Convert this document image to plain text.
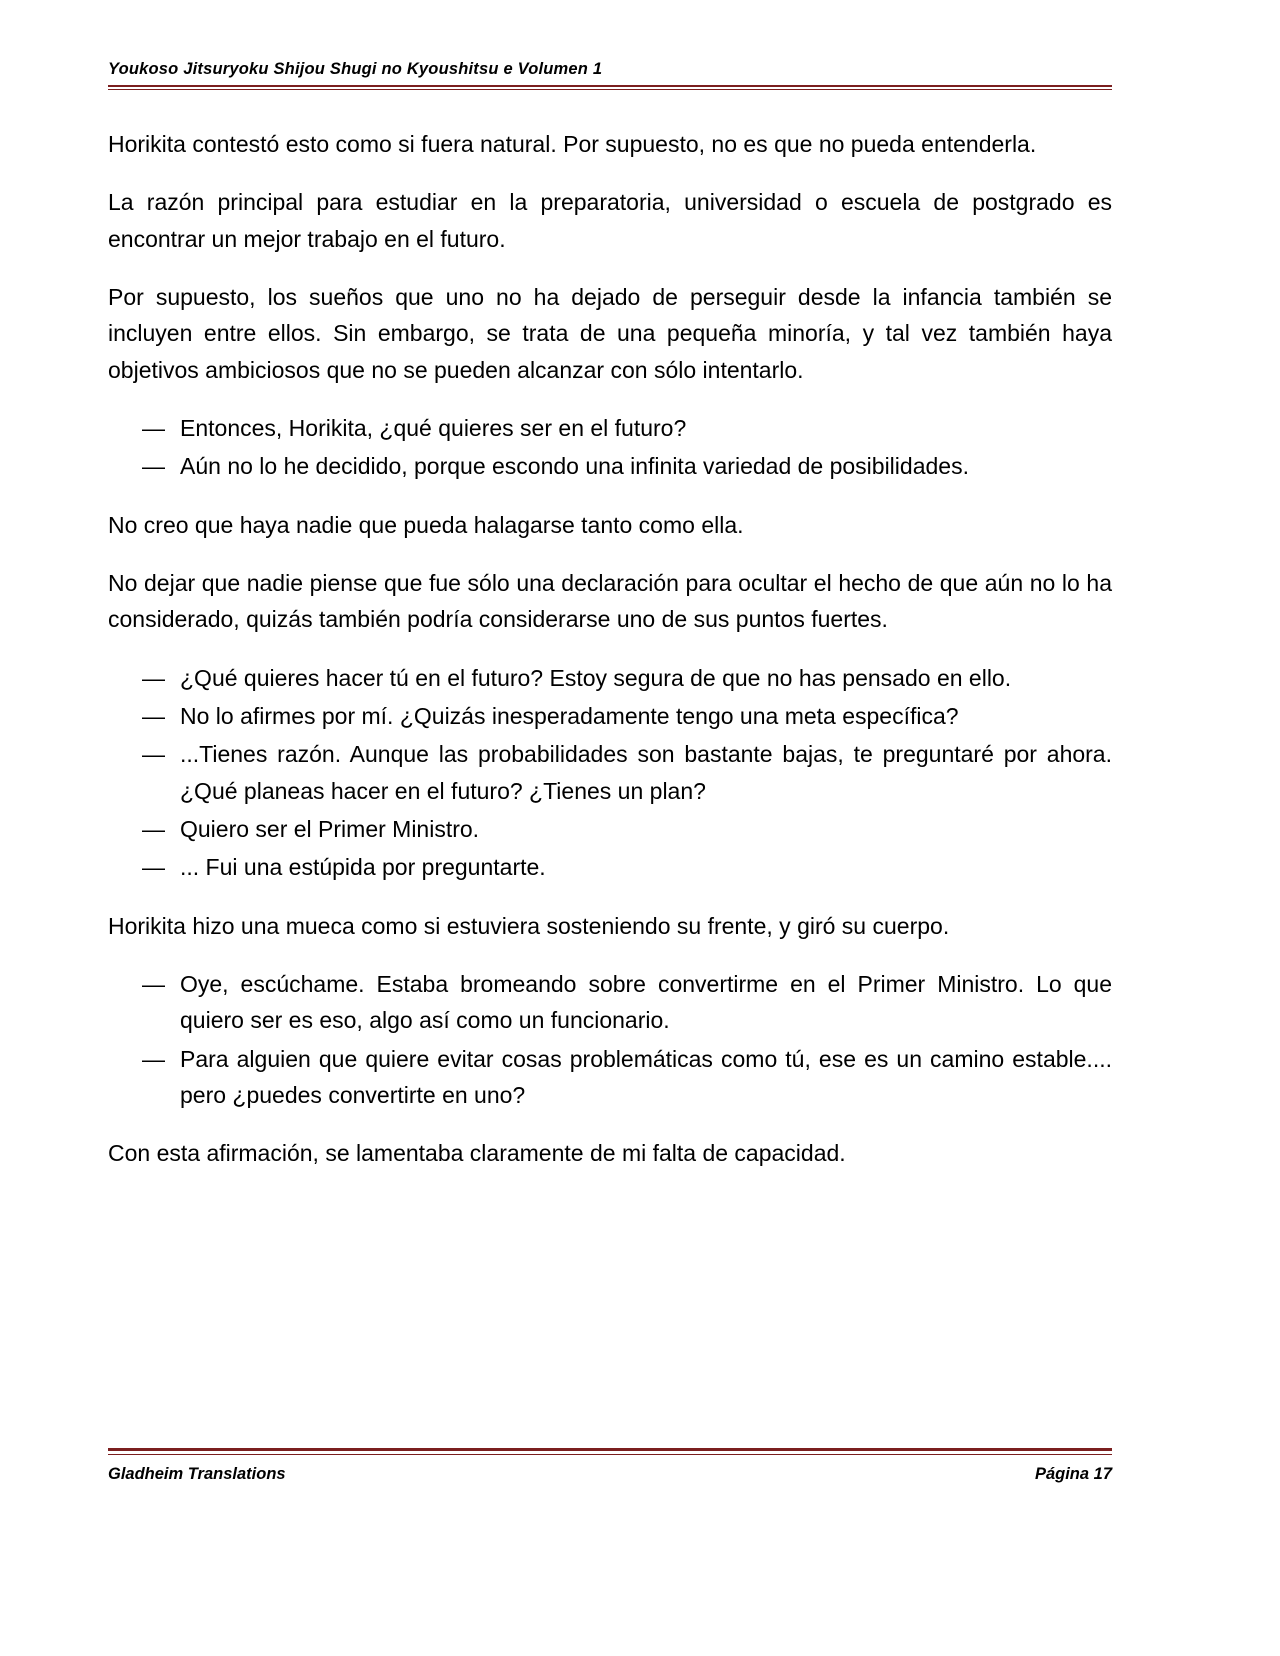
Youkoso Jitsuryoku Shijou Shugi no Kyoushitsu e Volumen 1

Horikita contestó esto como si fuera natural. Por supuesto, no es que no pueda entenderla.

La razón principal para estudiar en la preparatoria, universidad o escuela de postgrado es encontrar un mejor trabajo en el futuro.

Por supuesto, los sueños que uno no ha dejado de perseguir desde la infancia también se incluyen entre ellos. Sin embargo, se trata de una pequeña minoría, y tal vez también haya objetivos ambiciosos que no se pueden alcanzar con sólo intentarlo.

— Entonces, Horikita, ¿qué quieres ser en el futuro?
— Aún no lo he decidido, porque escondo una infinita variedad de posibilidades.

No creo que haya nadie que pueda halagarse tanto como ella.

No dejar que nadie piense que fue sólo una declaración para ocultar el hecho de que aún no lo ha considerado, quizás también podría considerarse uno de sus puntos fuertes.

— ¿Qué quieres hacer tú en el futuro? Estoy segura de que no has pensado en ello.
— No lo afirmes por mí. ¿Quizás inesperadamente tengo una meta específica?
— ...Tienes razón. Aunque las probabilidades son bastante bajas, te preguntaré por ahora. ¿Qué planeas hacer en el futuro? ¿Tienes un plan?
— Quiero ser el Primer Ministro.
— ... Fui una estúpida por preguntarte.

Horikita hizo una mueca como si estuviera sosteniendo su frente, y giró su cuerpo.

— Oye, escúchame. Estaba bromeando sobre convertirme en el Primer Ministro. Lo que quiero ser es eso, algo así como un funcionario.
— Para alguien que quiere evitar cosas problemáticas como tú, ese es un camino estable.... pero ¿puedes convertirte en uno?

Con esta afirmación, se lamentaba claramente de mi falta de capacidad.

Gladheim Translations	Página 17
